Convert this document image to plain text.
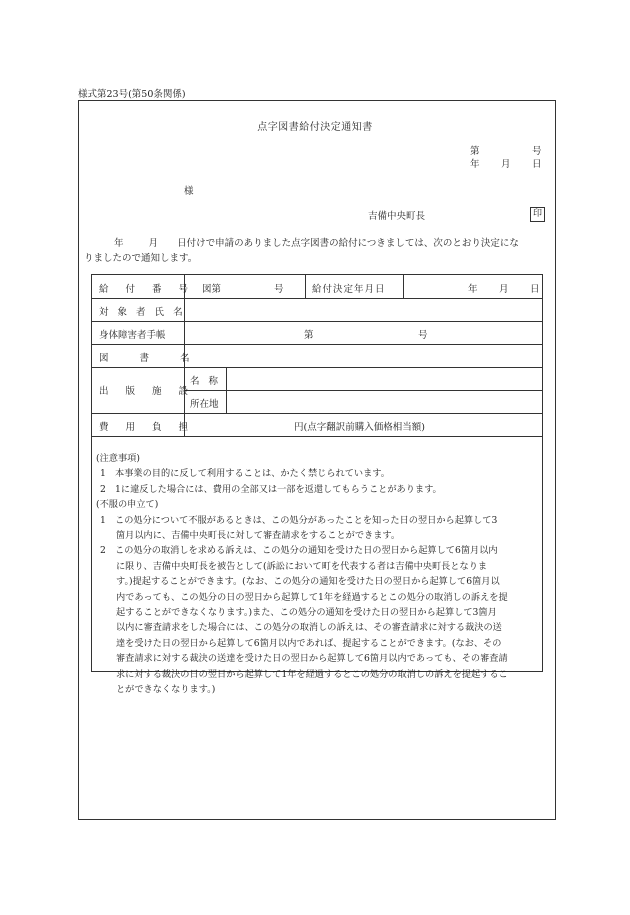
様式第23号(第50条関係)
点字図書給付決定通知書
第	号
年 月 日
様
吉備中央町長	印
年	月 日付けで申請のありました点字図書の給付につきましては、次のとおり決定にな
りましたので通知します。
給 付 番 号 図第	号	給付決定年月日	年 月 日
対 象 者 氏 名
身体障害者手帳	第	号
図 書 名
出 版 施 設
名 称
所在地
費 用 負 担	円(点字翻訳前購入価格相当額)
(注意事項)
1　本事業の目的に反して利用することは、かたく禁じられています。
2　1に違反した場合には、費用の全部又は一部を返還してもらうことがあります。
(不服の申立て)
1　この処分について不服があるときは、この処分があったことを知った日の翌日から起算して3
箇月以内に、吉備中央町長に対して審査請求をすることができます。
2　この処分の取消しを求める訴えは、この処分の通知を受けた日の翌日から起算して6箇月以内
に限り、吉備中央町長を被告として(訴訟において町を代表する者は吉備中央町長となりま
す。)提起することができます。(なお、この処分の通知を受けた日の翌日から起算して6箇月以
内であっても、この処分の日の翌日から起算して1年を経過するとこの処分の取消しの訴えを提
起することができなくなります。)また、この処分の通知を受けた日の翌日から起算して3箇月
以内に審査請求をした場合には、この処分の取消しの訴えは、その審査請求に対する裁決の送
達を受けた日の翌日から起算して6箇月以内であれば、提起することができます。(なお、その
審査請求に対する裁決の送達を受けた日の翌日から起算して6箇月以内であっても、その審査請
求に対する裁決の日の翌日から起算して1年を経過するとこの処分の取消しの訴えを提起するこ
とができなくなります。)
